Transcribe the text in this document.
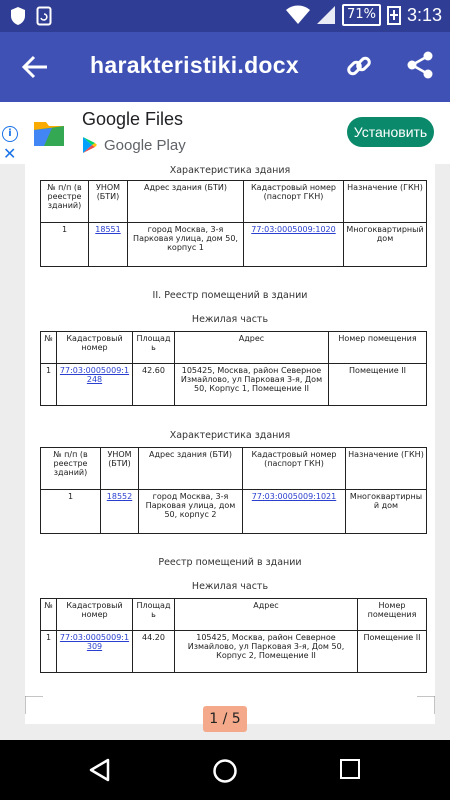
71% 3:13
harakteristiki.docx
i
✕
Google Files
Google Play
Установить
Характеристика здания
№ п/п (в реестре зданий)	УНОМ (БТИ)	Адрес здания (БТИ)	Кадастровый номер (паспорт ГКН)	Назначение (ГКН)
1	18551	город Москва, 3-я Парковая улица, дом 50, корпус 1	77:03:0005009:1020	Многоквартирный дом
II. Реестр помещений в здании
Нежилая часть
№	Кадастровый номер	Площадь	Адрес	Номер помещения
1	77:03:0005009:1248	42.60	105425, Москва, район Северное Измайлово, ул Парковая 3-я, Дом 50, Корпус 1, Помещение II	Помещение II
Характеристика здания
№ п/п (в реестре зданий)	УНОМ (БТИ)	Адрес здания (БТИ)	Кадастровый номер (паспорт ГКН)	Назначение (ГКН)
1	18552	город Москва, 3-я Парковая улица, дом 50, корпус 2	77:03:0005009:1021	Многоквартирный дом
Реестр помещений в здании
Нежилая часть
№	Кадастровый номер	Площадь	Адрес	Номер помещения
1	77:03:0005009:1309	44.20	105425, Москва, район Северное Измайлово, ул Парковая 3-я, Дом 50, Корпус 2, Помещение II	Помещение II
1 / 5
